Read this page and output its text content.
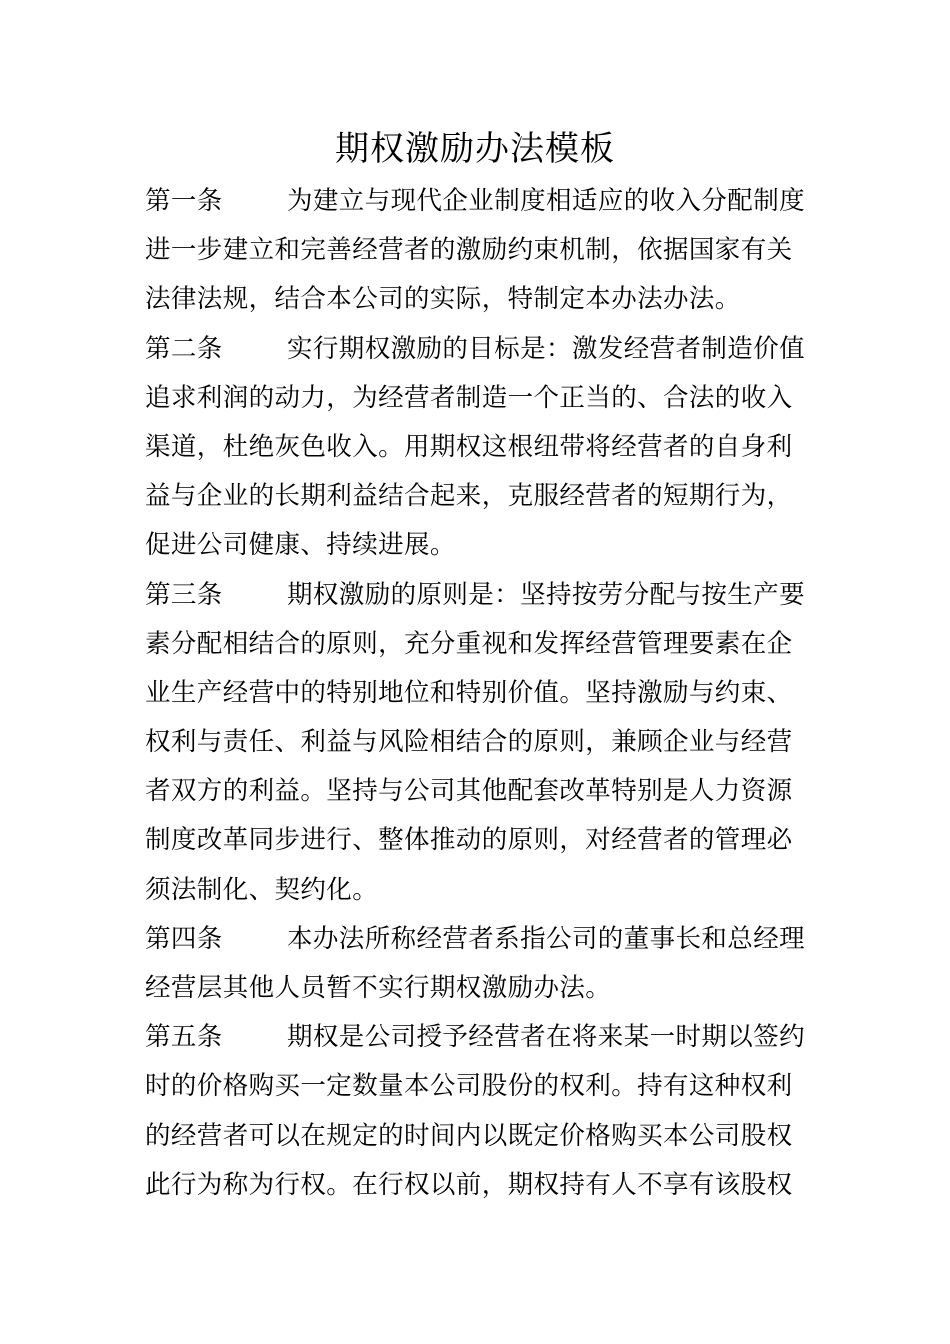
期权激励办法模板
第一条	为建立与现代企业制度相适应的收入分配制度
进一步建立和完善经营者的激励约束机制，依据国家有关
法律法规，结合本公司的实际，特制定本办法办法。
第二条	实行期权激励的目标是：激发经营者制造价值
追求利润的动力，为经营者制造一个正当的、合法的收入
渠道，杜绝灰色收入。用期权这根纽带将经营者的自身利
益与企业的长期利益结合起来，克服经营者的短期行为，
促进公司健康、持续进展。
第三条	期权激励的原则是：坚持按劳分配与按生产要
素分配相结合的原则，充分重视和发挥经营管理要素在企
业生产经营中的特别地位和特别价值。坚持激励与约束、
权利与责任、利益与风险相结合的原则，兼顾企业与经营
者双方的利益。坚持与公司其他配套改革特别是人力资源
制度改革同步进行、整体推动的原则，对经营者的管理必
须法制化、契约化。
第四条	本办法所称经营者系指公司的董事长和总经理
经营层其他人员暂不实行期权激励办法。
第五条	期权是公司授予经营者在将来某一时期以签约
时的价格购买一定数量本公司股份的权利。持有这种权利
的经营者可以在规定的时间内以既定价格购买本公司股权
此行为称为行权。在行权以前，期权持有人不享有该股权
